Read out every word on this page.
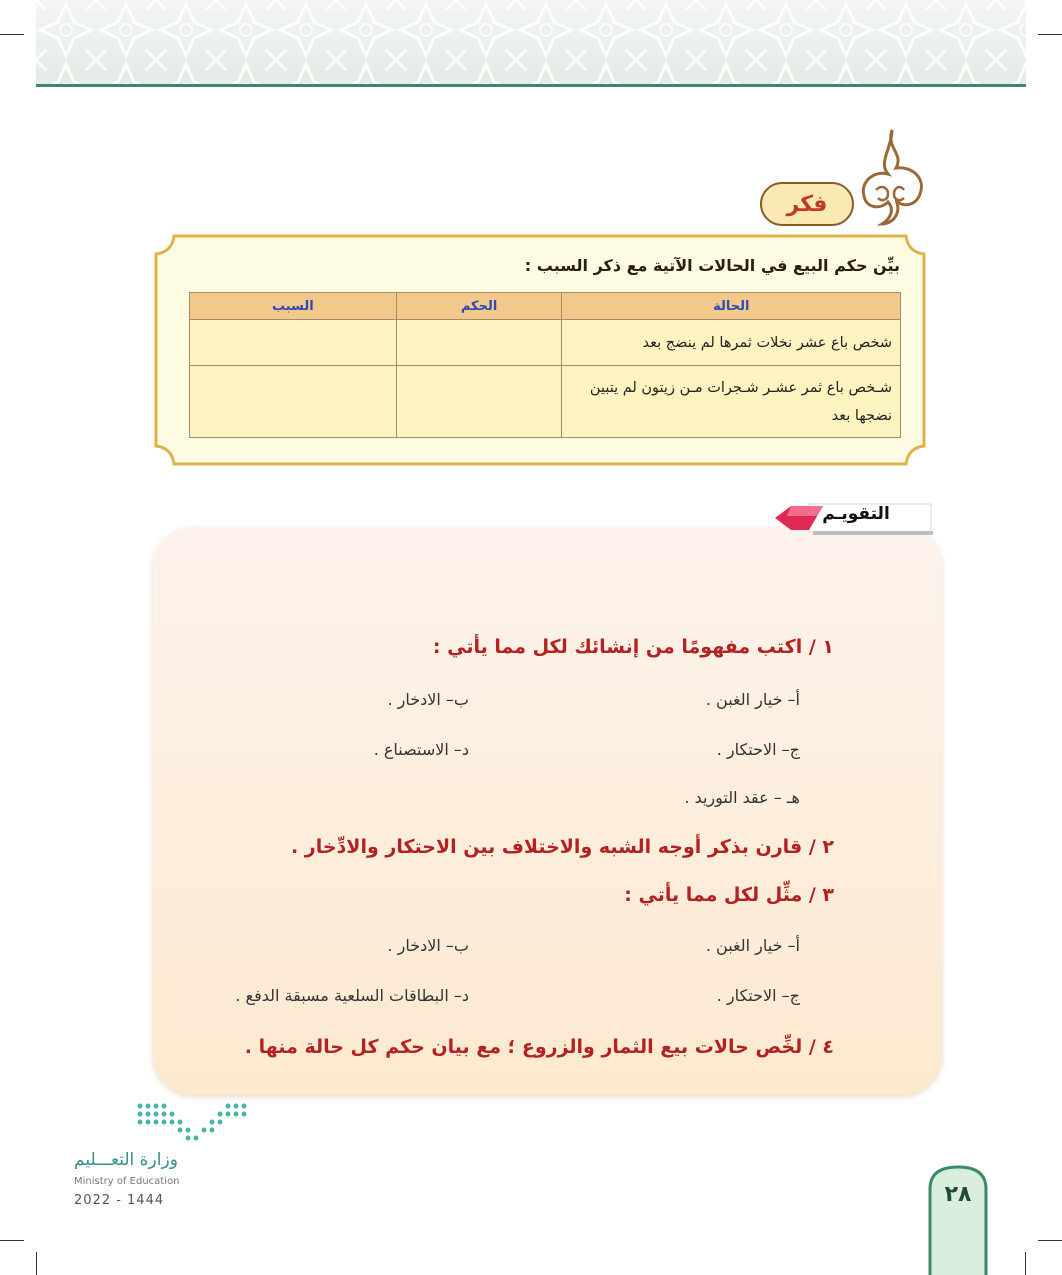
فكر
بيِّن حكم البيع في الحالات الآتية مع ذكر السبب :
الحالة	الحكم	السبب
شخص باع عشر نخلات ثمرها لم ينضج بعد		
شـخص باع ثمر عشـر شـجرات مـن زيتون لم يتبين نضجها بعد		
التقويـم
١ / اكتب مفهومًا من إنشائك لكل مما يأتي :
أ– خيار الغبن .
ب– الادخار .
ج– الاحتكار .
د– الاستصناع .
هـ – عقد التوريد .
٢ / قارن بذكر أوجه الشبه والاختلاف بين الاحتكار والادِّخار .
٣ / مثِّل لكل مما يأتي :
أ– خيار الغبن .
ب– الادخار .
ج– الاحتكار .
د– البطاقات السلعية مسبقة الدفع .
٤ / لخِّص حالات بيع الثمار والزروع ؛ مع بيان حكم كل حالة منها .
وزارة التعـــليم
Ministry of Education
2022 - 1444	٢٨
